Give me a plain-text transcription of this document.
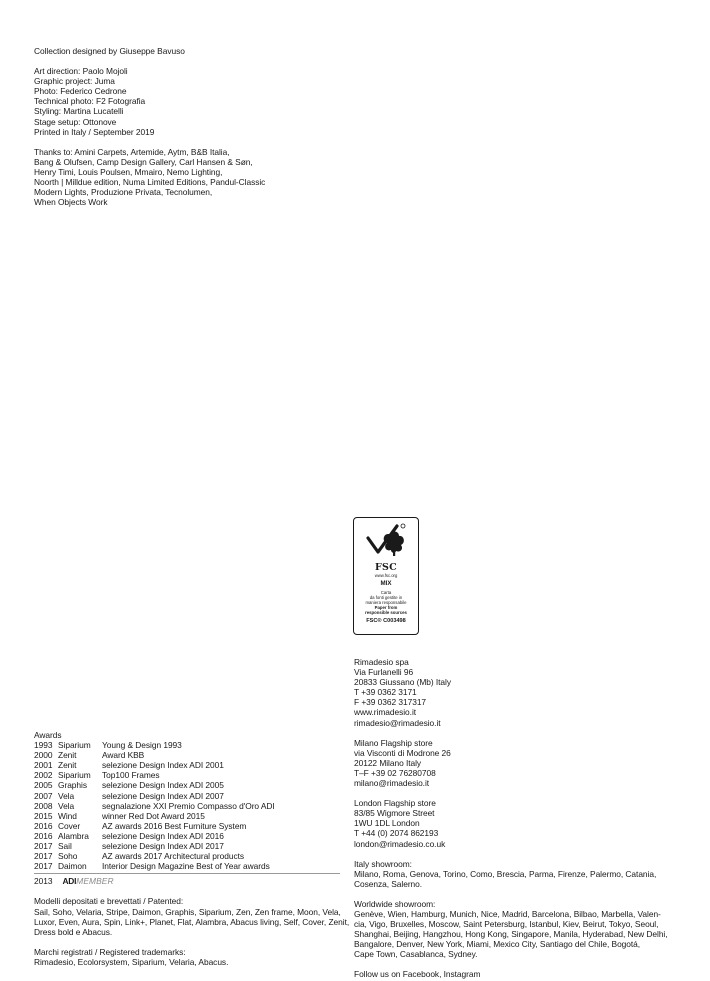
Collection designed by Giuseppe Bavuso
Art direction: Paolo Mojoli
Graphic project: Juma
Photo: Federico Cedrone
Technical photo: F2 Fotografia
Styling: Martina Lucatelli
Stage setup: Ottonove
Printed in Italy / September 2019
Thanks to: Amini Carpets, Artemide, Aytm, B&B Italia,
Bang & Olufsen, Camp Design Gallery, Carl Hansen & Søn,
Henry Timi, Louis Poulsen, Mmairo, Nemo Lighting,
Noorth | Milldue edition, Numa Limited Editions, Pandul-Classic
Modern Lights, Produzione Privata, Tecnolumen,
When Objects Work
FSC
www.fsc.org
MIX
Carta
da fonti gestite in
maniera responsabile
Paper from
responsible sources
FSC® C003498
Rimadesio spa
Via Furlanelli 96
20833 Giussano (Mb) Italy
T +39 0362 3171
F +39 0362 317317
www.rimadesio.it
rimadesio@rimadesio.it
Milano Flagship store
via Visconti di Modrone 26
20122 Milano Italy
T–F +39 02 76280708
milano@rimadesio.it
London Flagship store
83/85 Wigmore Street
1WU 1DL London
T +44 (0) 2074 862193
london@rimadesio.co.uk
Italy showroom:
Milano, Roma, Genova, Torino, Como, Brescia, Parma, Firenze, Palermo, Catania,
Cosenza, Salerno.
Worldwide showroom:
Genève, Wien, Hamburg, Munich, Nice, Madrid, Barcelona, Bilbao, Marbella, Valen-
cia, Vigo, Bruxelles, Moscow, Saint Petersburg, Istanbul, Kiev, Beirut, Tokyo, Seoul,
Shanghai, Beijing, Hangzhou, Hong Kong, Singapore, Manila, Hyderabad, New Delhi,
Bangalore, Denver, New York, Miami, Mexico City, Santiago del Chile, Bogotá,
Cape Town, Casablanca, Sydney.
Follow us on Facebook, Instagram
Awards
1993 Siparium	Young & Design 1993
2000 Zenit	Award KBB
2001 Zenit	selezione Design Index ADI 2001
2002 Siparium	Top100 Frames
2005 Graphis	selezione Design Index ADI 2005
2007 Vela	selezione Design Index ADI 2007
2008 Vela	segnalazione XXI Premio Compasso d'Oro ADI
2015 Wind	winner Red Dot Award 2015
2016 Cover	AZ awards 2016 Best Furniture System
2016 Alambra	selezione Design Index ADI 2016
2017 Sail	selezione Design Index ADI 2017
2017 Soho	AZ awards 2017 Architectural products
2017 Daimon	Interior Design Magazine Best of Year awards
2013 ADI MEMBER
Modelli depositati e brevettati / Patented:
Sail, Soho, Velaria, Stripe, Daimon, Graphis, Siparium, Zen, Zen frame, Moon, Vela,
Luxor, Even, Aura, Spin, Link+, Planet, Flat, Alambra, Abacus living, Self, Cover, Zenit,
Dress bold e Abacus.
Marchi registrati / Registered trademarks:
Rimadesio, Ecolorsystem, Siparium, Velaria, Abacus.
